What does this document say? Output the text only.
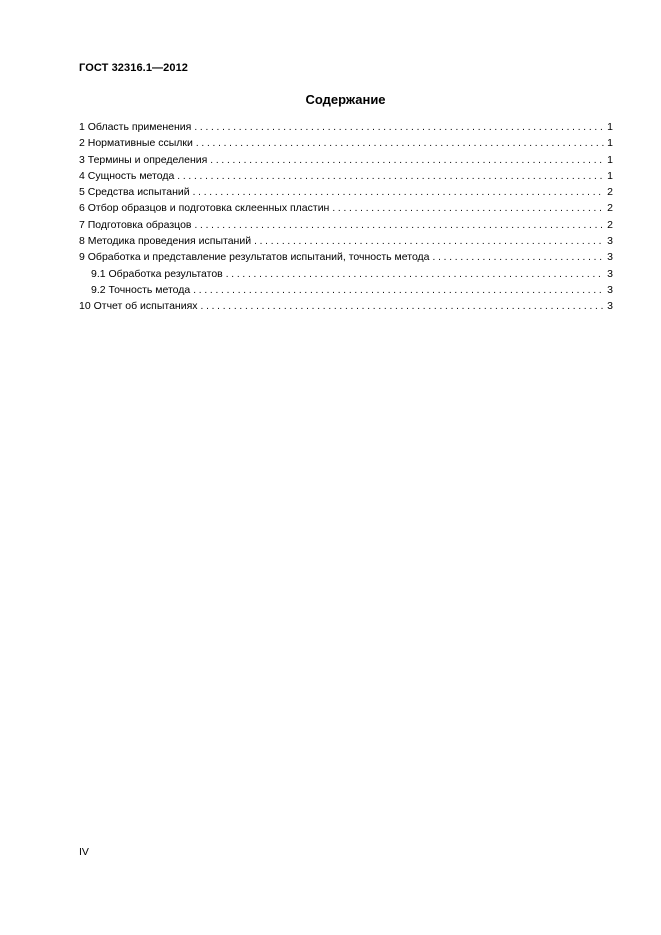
ГОСТ 32316.1—2012
Содержание
1 Область применения . . .	1
2 Нормативные ссылки . . .	1
3 Термины и определения . . .	1
4 Сущность метода . . .	1
5 Средства испытаний . . .	2
6 Отбор образцов и подготовка склеенных пластин . . .	2
7 Подготовка образцов . . .	2
8 Методика проведения испытаний . . .	3
9 Обработка и представление результатов испытаний, точность метода . . .	3
9.1 Обработка результатов . . .	3
9.2 Точность метода . . .	3
10 Отчет об испытаниях . . .	3
IV
